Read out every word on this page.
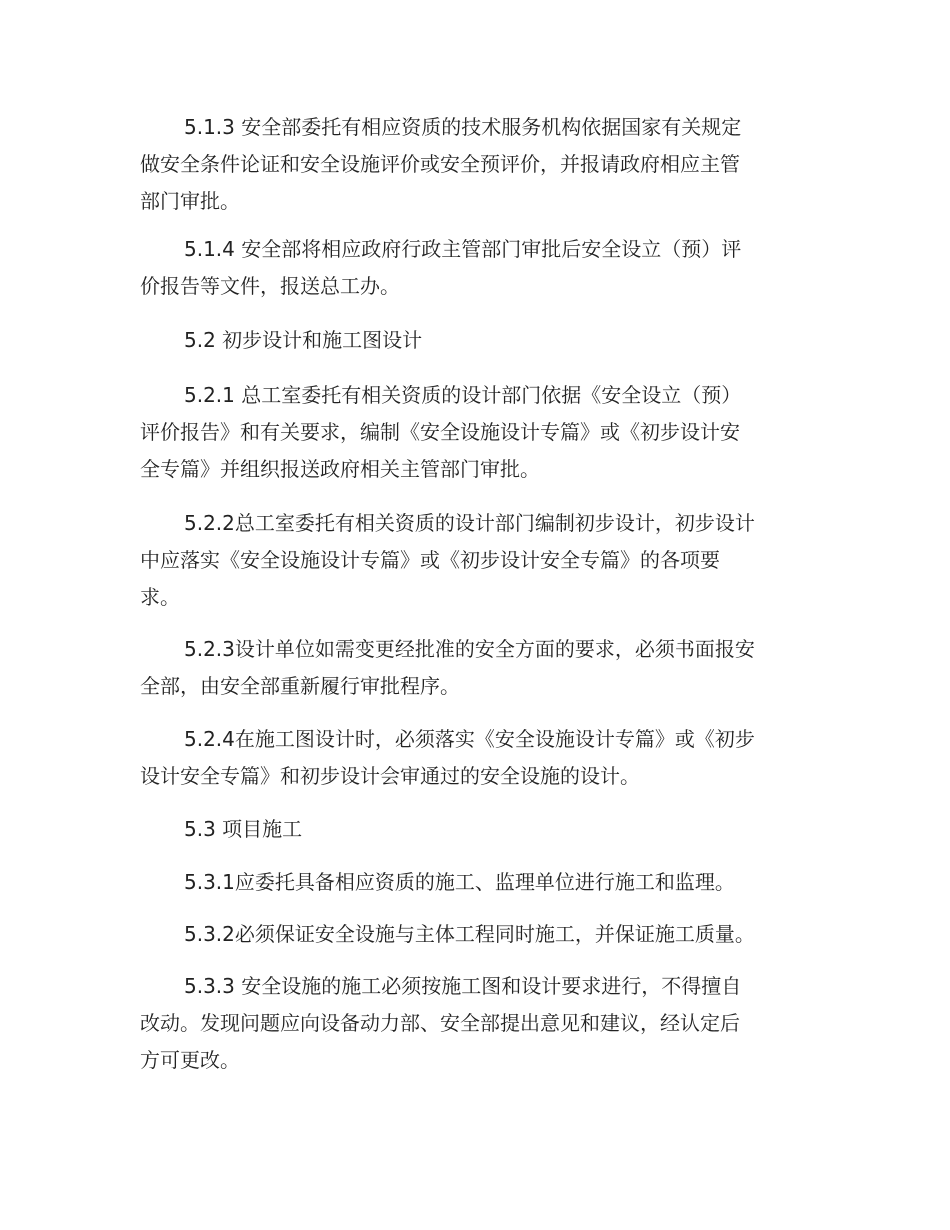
5.1.3 安全部委托有相应资质的技术服务机构依据国家有关规定
做安全条件论证和安全设施评价或安全预评价，并报请政府相应主管
部门审批。
5.1.4 安全部将相应政府行政主管部门审批后安全设立（预）评
价报告等文件，报送总工办。
5.2 初步设计和施工图设计
5.2.1 总工室委托有相关资质的设计部门依据《安全设立（预）
评价报告》和有关要求，编制《安全设施设计专篇》或《初步设计安
全专篇》并组织报送政府相关主管部门审批。
5.2.2总工室委托有相关资质的设计部门编制初步设计，初步设计
中应落实《安全设施设计专篇》或《初步设计安全专篇》的各项要
求。
5.2.3设计单位如需变更经批准的安全方面的要求，必须书面报安
全部，由安全部重新履行审批程序。
5.2.4在施工图设计时，必须落实《安全设施设计专篇》或《初步
设计安全专篇》和初步设计会审通过的安全设施的设计。
5.3 项目施工
5.3.1应委托具备相应资质的施工、监理单位进行施工和监理。
5.3.2必须保证安全设施与主体工程同时施工，并保证施工质量。
5.3.3 安全设施的施工必须按施工图和设计要求进行，不得擅自
改动。发现问题应向设备动力部、安全部提出意见和建议，经认定后
方可更改。
